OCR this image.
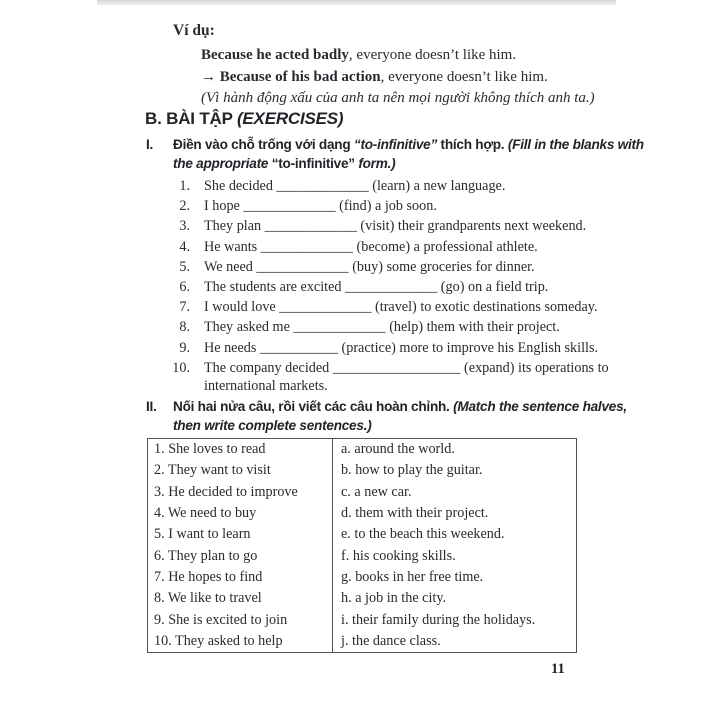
Ví dụ:
Because he acted badly, everyone doesn’t like him.
→ Because of his bad action, everyone doesn’t like him.
(Vì hành động xấu của anh ta nên mọi người không thích anh ta.)
B. BÀI TẬP (EXERCISES)
I. Điền vào chỗ trống với dạng “to-infinitive” thích hợp. (Fill in the blanks with
the appropriate “to-infinitive” form.)
1. She decided _____________ (learn) a new language.
2. I hope _____________ (find) a job soon.
3. They plan _____________ (visit) their grandparents next weekend.
4. He wants _____________ (become) a professional athlete.
5. We need _____________ (buy) some groceries for dinner.
6. The students are excited _____________ (go) on a field trip.
7. I would love _____________ (travel) to exotic destinations someday.
8. They asked me _____________ (help) them with their project.
9. He needs ___________ (practice) more to improve his English skills.
10. The company decided __________________ (expand) its operations to
international markets.
II. Nối hai nửa câu, rồi viết các câu hoàn chỉnh. (Match the sentence halves,
then write complete sentences.)
1. She loves to read	a. around the world.
2. They want to visit	b. how to play the guitar.
3. He decided to improve	c. a new car.
4. We need to buy	d. them with their project.
5. I want to learn	e. to the beach this weekend.
6. They plan to go	f. his cooking skills.
7. He hopes to find	g. books in her free time.
8. We like to travel	h. a job in the city.
9. She is excited to join	i. their family during the holidays.
10. They asked to help	j. the dance class.
11
